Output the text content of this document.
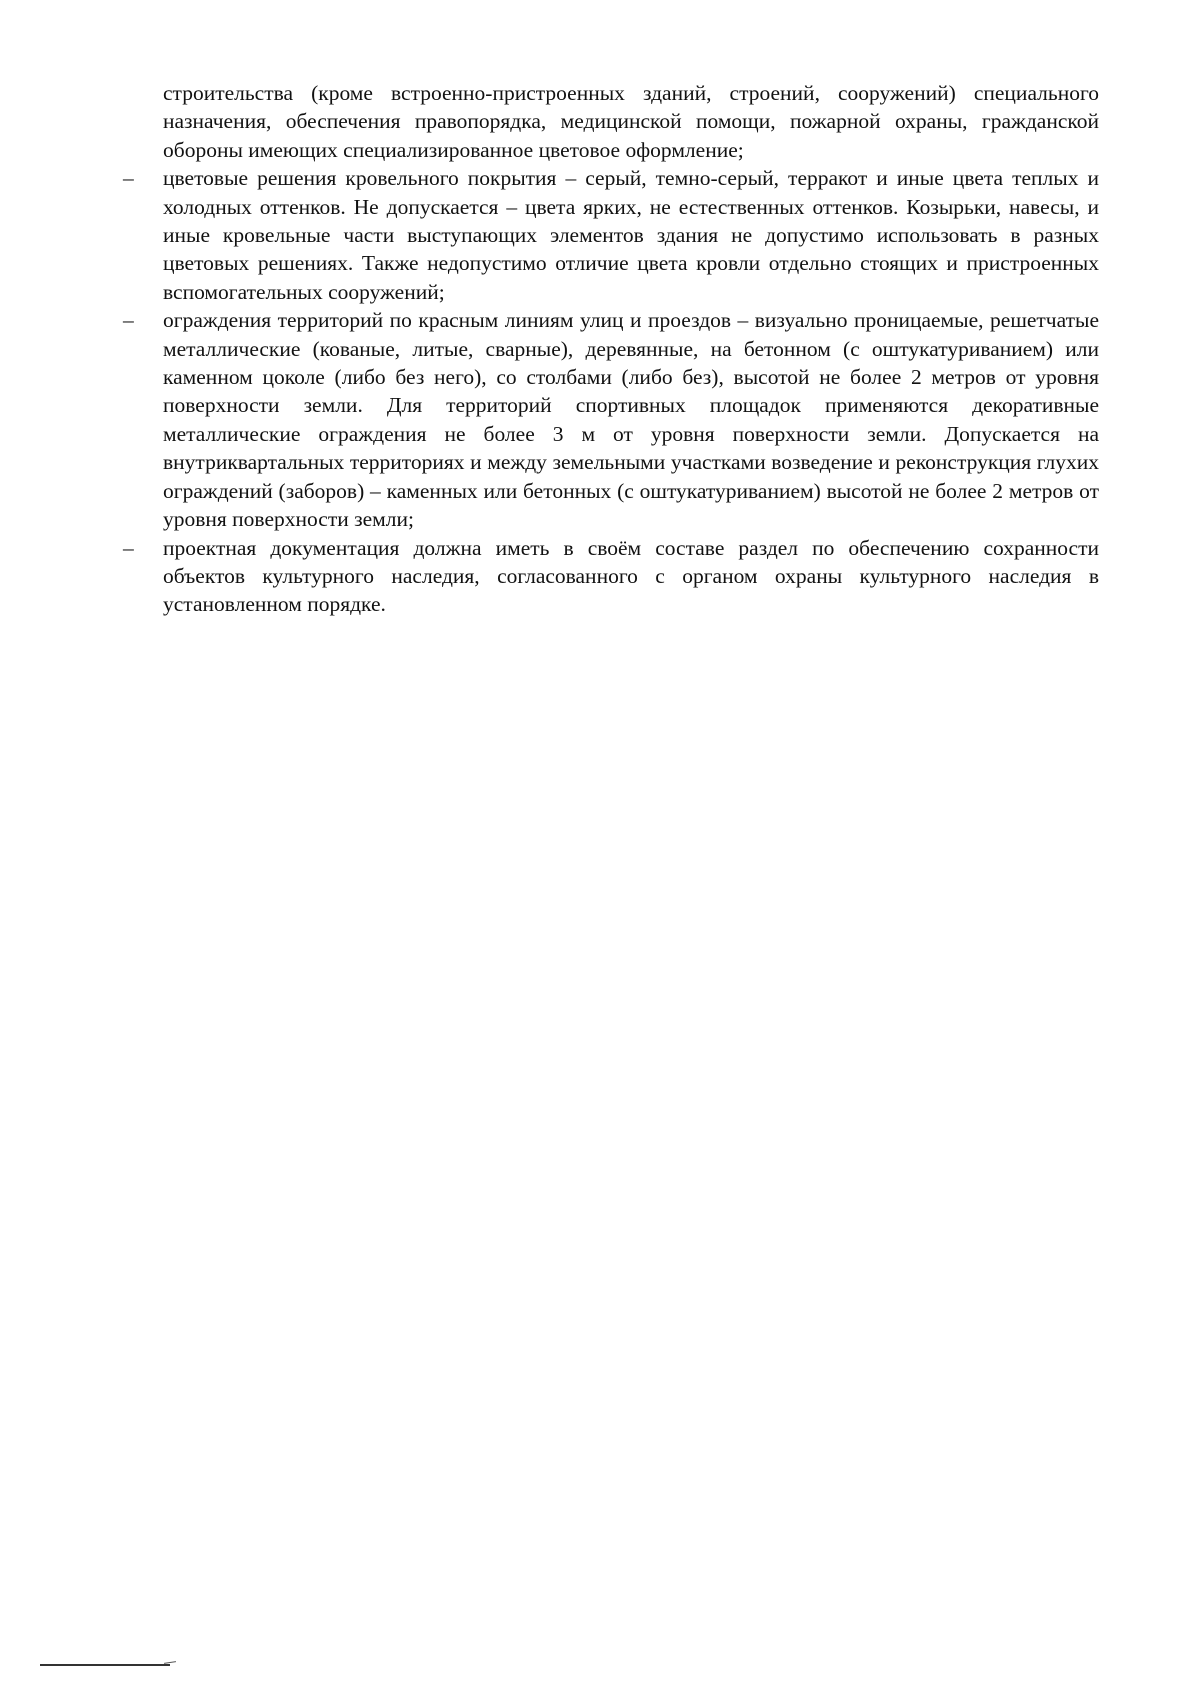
строительства (кроме встроенно-пристроенных зданий, строений, сооружений) специального назначения, обеспечения правопорядка, медицинской помощи, пожарной охраны, гражданской обороны имеющих специализированное цветовое оформление;

– цветовые решения кровельного покрытия – серый, темно-серый, терракот и иные цвета теплых и холодных оттенков. Не допускается – цвета ярких, не естественных оттенков. Козырьки, навесы, и иные кровельные части выступающих элементов здания не допустимо использовать в разных цветовых решениях. Также недопустимо отличие цвета кровли отдельно стоящих и пристроенных вспомогательных сооружений;
– ограждения территорий по красным линиям улиц и проездов – визуально проницаемые, решетчатые металлические (кованые, литые, сварные), деревянные, на бетонном (с оштукатуриванием) или каменном цоколе (либо без него), со столбами (либо без), высотой не более 2 метров от уровня поверхности земли. Для территорий спортивных площадок применяются декоративные металлические ограждения не более 3 м от уровня поверхности земли. Допускается на внутриквартальных территориях и между земельными участками возведение и реконструкция глухих ограждений (заборов) – каменных или бетонных (с оштукатуриванием) высотой не более 2 метров от уровня поверхности земли;
– проектная документация должна иметь в своём составе раздел по обеспечению сохранности объектов культурного наследия, согласованного с органом охраны культурного наследия в установленном порядке.
